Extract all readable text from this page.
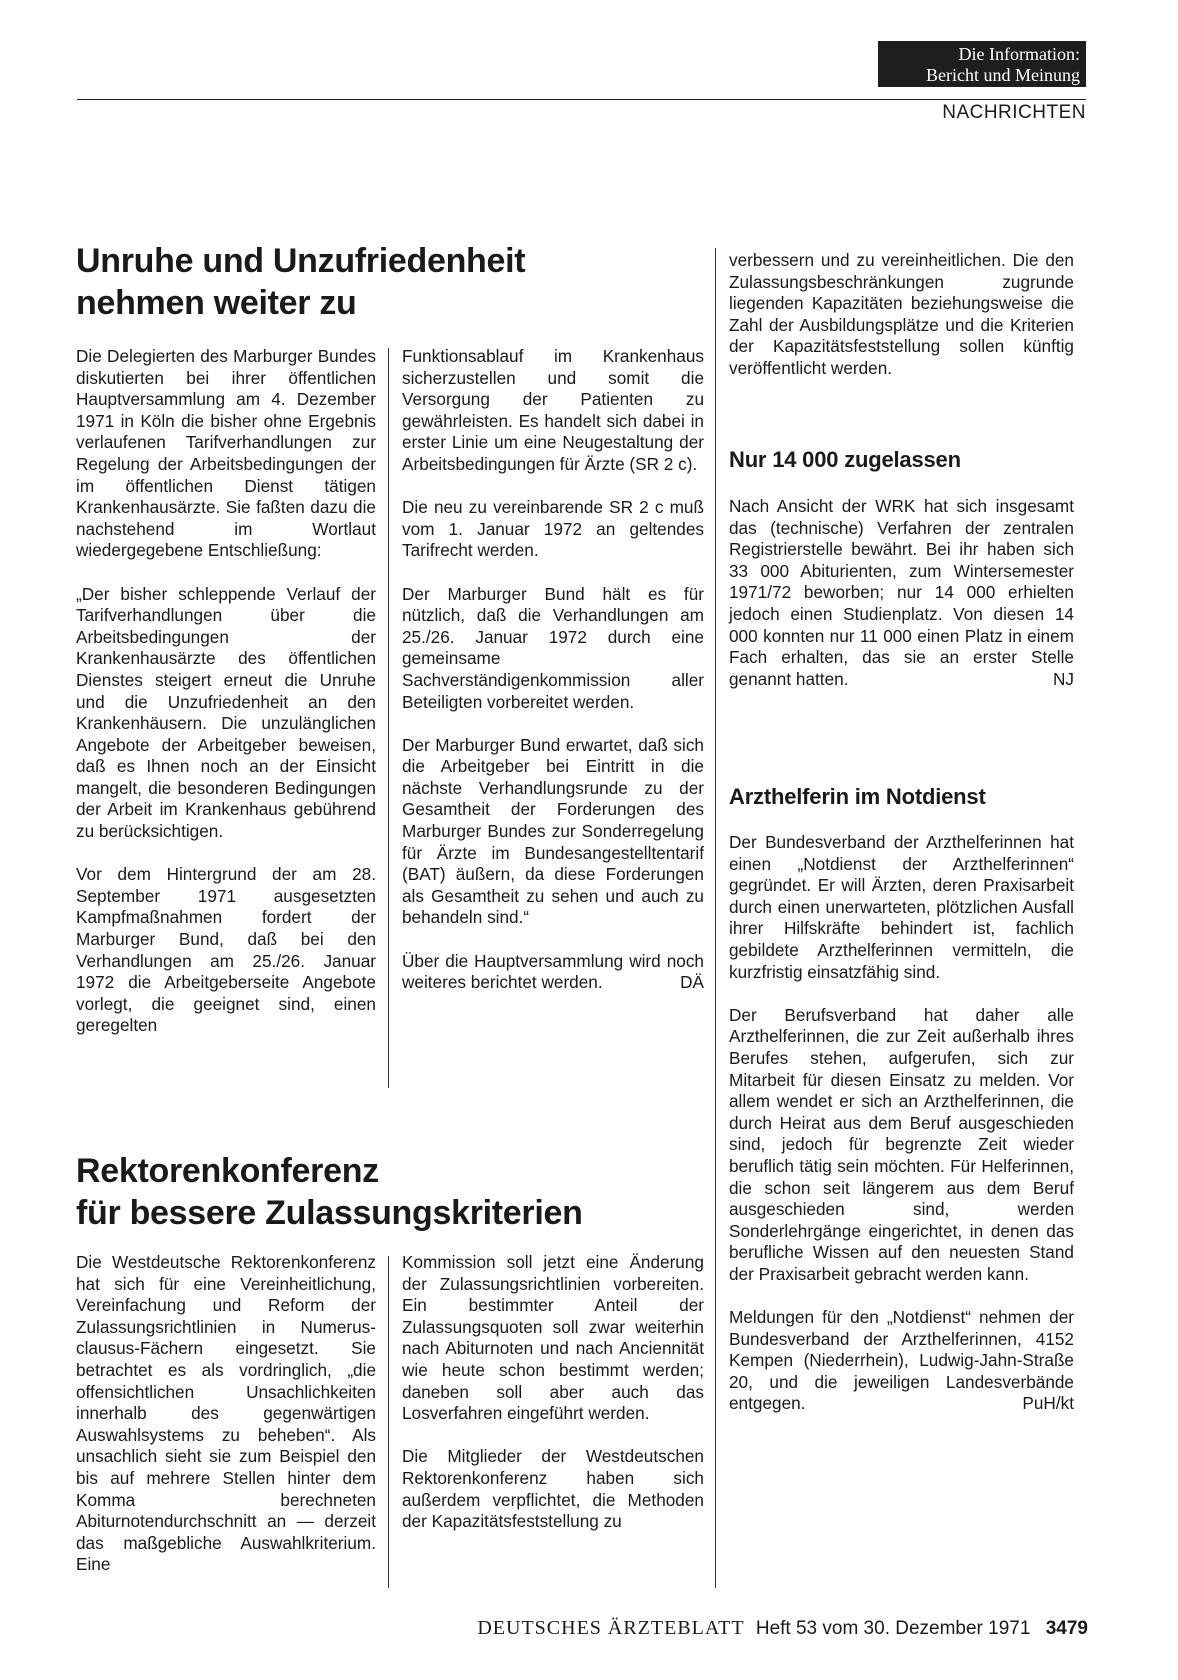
Die Information:
Bericht und Meinung
NACHRICHTEN
Unruhe und Unzufriedenheit
nehmen weiter zu

Die Delegierten des Marburger Bundes diskutierten bei ihrer öffentlichen Hauptversammlung am 4. Dezember 1971 in Köln die bisher ohne Ergebnis verlaufenen Tarifverhandlungen zur Regelung der Arbeitsbedingungen der im öffentlichen Dienst tätigen Krankenhausärzte. Sie faßten dazu die nachstehend im Wortlaut wiedergegebene Entschließung:

„Der bisher schleppende Verlauf der Tarifverhandlungen über die Arbeitsbedingungen der Krankenhausärzte des öffentlichen Dienstes steigert erneut die Unruhe und die Unzufriedenheit an den Krankenhäusern. Die unzulänglichen Angebote der Arbeitgeber beweisen, daß es Ihnen noch an der Einsicht mangelt, die besonderen Bedingungen der Arbeit im Krankenhaus gebührend zu berücksichtigen.

Vor dem Hintergrund der am 28. September 1971 ausgesetzten Kampfmaßnahmen fordert der Marburger Bund, daß bei den Verhandlungen am 25./26. Januar 1972 die Arbeitgeberseite Angebote vorlegt, die geeignet sind, einen geregelten

Funktionsablauf im Krankenhaus sicherzustellen und somit die Versorgung der Patienten zu gewährleisten. Es handelt sich dabei in erster Linie um eine Neugestaltung der Arbeitsbedingungen für Ärzte (SR 2 c).

Die neu zu vereinbarende SR 2 c muß vom 1. Januar 1972 an geltendes Tarifrecht werden.

Der Marburger Bund hält es für nützlich, daß die Verhandlungen am 25./26. Januar 1972 durch eine gemeinsame Sachverständigenkommission aller Beteiligten vorbereitet werden.

Der Marburger Bund erwartet, daß sich die Arbeitgeber bei Eintritt in die nächste Verhandlungsrunde zu der Gesamtheit der Forderungen des Marburger Bundes zur Sonderregelung für Ärzte im Bundesangestelltentarif (BAT) äußern, da diese Forderungen als Gesamtheit zu sehen und auch zu behandeln sind.“

Über die Hauptversammlung wird noch weiteres berichtet werden.	DÄ

Rektorenkonferenz
für bessere Zulassungskriterien

Die Westdeutsche Rektorenkonferenz hat sich für eine Vereinheitlichung, Vereinfachung und Reform der Zulassungsrichtlinien in Numerus-clausus-Fächern eingesetzt. Sie betrachtet es als vordringlich, „die offensichtlichen Unsachlichkeiten innerhalb des gegenwärtigen Auswahlsystems zu beheben“. Als unsachlich sieht sie zum Beispiel den bis auf mehrere Stellen hinter dem Komma berechneten Abiturnotendurchschnitt an — derzeit das maßgebliche Auswahlkriterium. Eine

Kommission soll jetzt eine Änderung der Zulassungsrichtlinien vorbereiten. Ein bestimmter Anteil der Zulassungsquoten soll zwar weiterhin nach Abiturnoten und nach Anciennität wie heute schon bestimmt werden; daneben soll aber auch das Losverfahren eingeführt werden.

Die Mitglieder der Westdeutschen Rektorenkonferenz haben sich außerdem verpflichtet, die Methoden der Kapazitätsfeststellung zu

verbessern und zu vereinheitlichen. Die den Zulassungsbeschränkungen zugrunde liegenden Kapazitäten beziehungsweise die Zahl der Ausbildungsplätze und die Kriterien der Kapazitätsfeststellung sollen künftig veröffentlicht werden.

Nur 14 000 zugelassen

Nach Ansicht der WRK hat sich insgesamt das (technische) Verfahren der zentralen Registrierstelle bewährt. Bei ihr haben sich 33 000 Abiturienten, zum Wintersemester 1971/72 beworben; nur 14 000 erhielten jedoch einen Studienplatz. Von diesen 14 000 konnten nur 11 000 einen Platz in einem Fach erhalten, das sie an erster Stelle genannt hatten.	NJ

Arzthelferin im Notdienst

Der Bundesverband der Arzthelferinnen hat einen „Notdienst der Arzthelferinnen“ gegründet. Er will Ärzten, deren Praxisarbeit durch einen unerwarteten, plötzlichen Ausfall ihrer Hilfskräfte behindert ist, fachlich gebildete Arzthelferinnen vermitteln, die kurzfristig einsatzfähig sind.

Der Berufsverband hat daher alle Arzthelferinnen, die zur Zeit außerhalb ihres Berufes stehen, aufgerufen, sich zur Mitarbeit für diesen Einsatz zu melden. Vor allem wendet er sich an Arzthelferinnen, die durch Heirat aus dem Beruf ausgeschieden sind, jedoch für begrenzte Zeit wieder beruflich tätig sein möchten. Für Helferinnen, die schon seit längerem aus dem Beruf ausgeschieden sind, werden Sonderlehrgänge eingerichtet, in denen das berufliche Wissen auf den neuesten Stand der Praxisarbeit gebracht werden kann.

Meldungen für den „Notdienst“ nehmen der Bundesverband der Arzthelferinnen, 4152 Kempen (Niederrhein), Ludwig-Jahn-Straße 20, und die jeweiligen Landesverbände entgegen.	PuH/kt

DEUTSCHES ÄRZTEBLATT Heft 53 vom 30. Dezember 1971 3479
